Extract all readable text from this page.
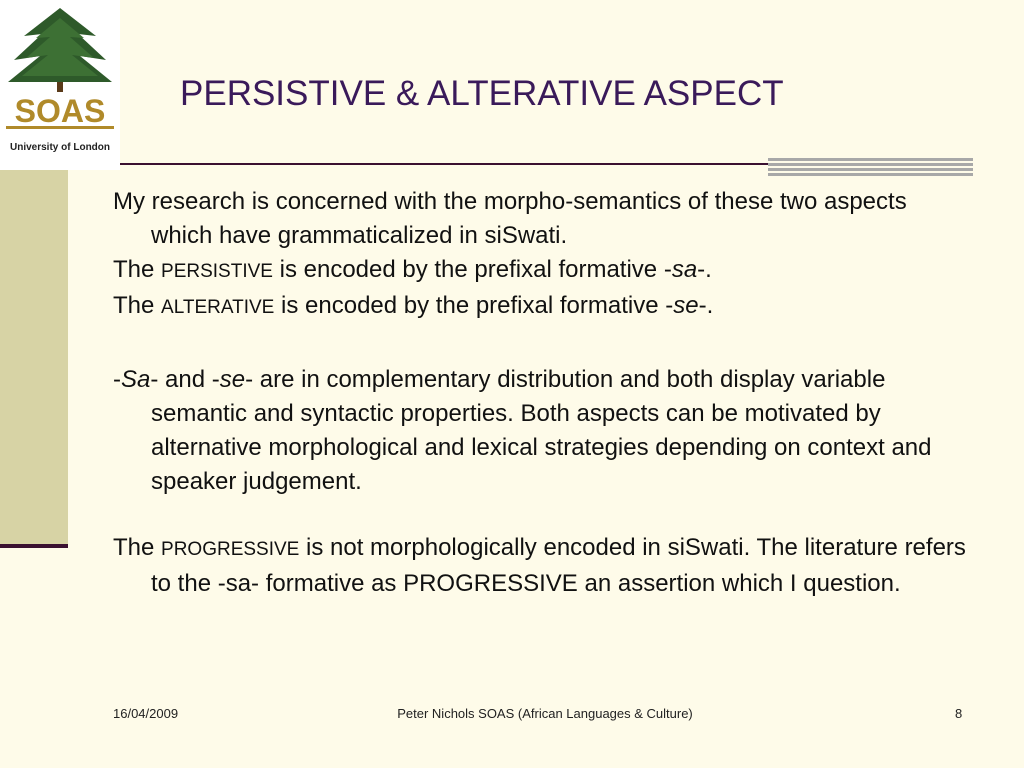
SOAS
University of London
PERSISTIVE & ALTERATIVE ASPECT

My research is concerned with the morpho-semantics of these two aspects which have grammaticalized in siSwati.

The PERSISTIVE is encoded by the prefixal formative -sa-.

The ALTERATIVE is encoded by the prefixal formative -se-.

-Sa- and -se- are in complementary distribution and both display variable semantic and syntactic properties. Both aspects can be motivated by alternative morphological and lexical strategies depending on context and speaker judgement.

The PROGRESSIVE is not morphologically encoded in siSwati. The literature refers to the -sa- formative as PROGRESSIVE an assertion which I question.

16/04/2009	Peter Nichols SOAS (African Languages & Culture)	8
